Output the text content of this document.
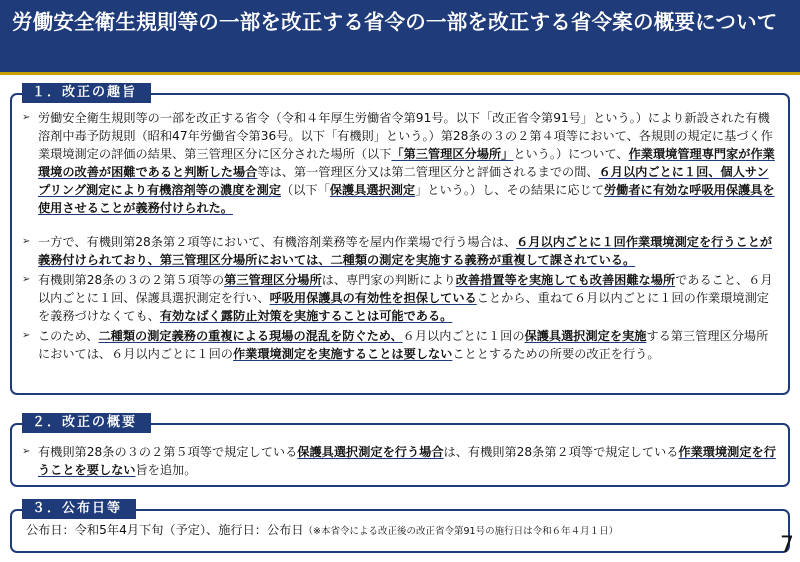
労働安全衛生規則等の一部を改正する省令の一部を改正する省令案の概要について
１．改正の趣旨
➢ 労働安全衛生規則等の一部を改正する省令（令和４年厚生労働省令第91号。以下「改正省令第91号」という。）により新設された有機溶剤中毒予防規則（昭和47年労働省令第36号。以下「有機則」という。）第28条の３の２第４項等において、各規則の規定に基づく作業環境測定の評価の結果、第三管理区分に区分された場所（以下「第三管理区分場所」という。）について、作業環境管理専門家が作業環境の改善が困難であると判断した場合等は、第一管理区分又は第二管理区分と評価されるまでの間、６月以内ごとに１回、個人サンプリング測定により有機溶剤等の濃度を測定（以下「保護具選択測定」という。）し、その結果に応じて労働者に有効な呼吸用保護具を使用させることが義務付けられた。
➢ 一方で、有機則第28条第２項等において、有機溶剤業務等を屋内作業場で行う場合は、６月以内ごとに１回作業環境測定を行うことが義務付けられており、第三管理区分場所においては、二種類の測定を実施する義務が重複して課されている。
➢ 有機則第28条の３の２第５項等の第三管理区分場所は、専門家の判断により改善措置等を実施しても改善困難な場所であること、６月以内ごとに１回、保護具選択測定を行い、呼吸用保護具の有効性を担保していることから、重ねて６月以内ごとに１回の作業環境測定を義務づけなくても、有効なばく露防止対策を実施することは可能である。
➢ このため、二種類の測定義務の重複による現場の混乱を防ぐため、６月以内ごとに１回の保護具選択測定を実施する第三管理区分場所においては、６月以内ごとに１回の作業環境測定を実施することは要しないこととするための所要の改正を行う。
２．改正の概要
➢ 有機則第28条の３の２第５項等で規定している保護具選択測定を行う場合は、有機則第28条第２項等で規定している作業環境測定を行うことを要しない旨を追加。
３．公布日等
公布日：令和5年4月下旬（予定）、施行日：公布日（※本省令による改正後の改正省令第91号の施行日は令和６年４月１日）
7
